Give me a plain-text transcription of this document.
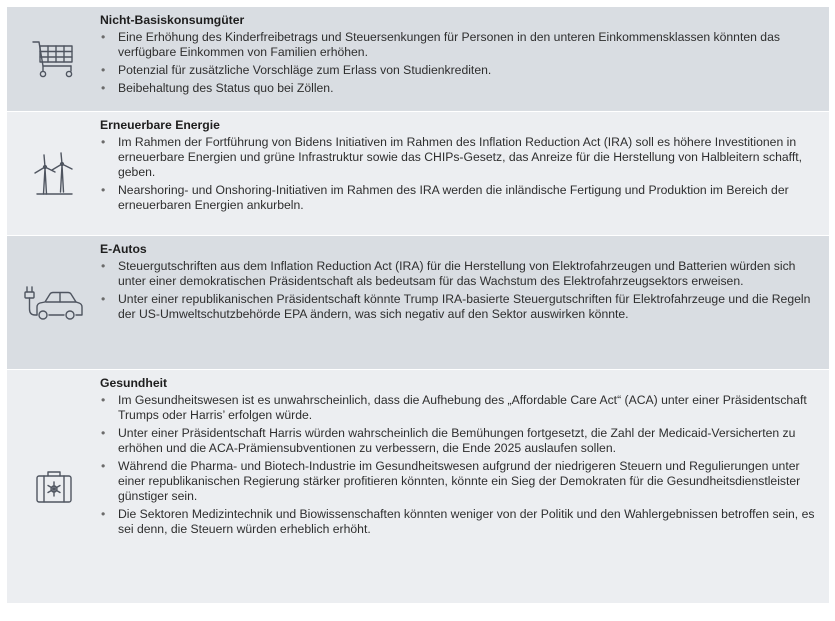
Nicht-Basiskonsumgüter
• Eine Erhöhung des Kinderfreibetrags und Steuersenkungen für Personen in den unteren Einkommensklassen könnten das verfügbare Einkommen von Familien erhöhen.
• Potenzial für zusätzliche Vorschläge zum Erlass von Studienkrediten.
• Beibehaltung des Status quo bei Zöllen.
Erneuerbare Energie
• Im Rahmen der Fortführung von Bidens Initiativen im Rahmen des Inflation Reduction Act (IRA) soll es höhere Investitionen in erneuerbare Energien und grüne Infrastruktur sowie das CHIPs-Gesetz, das Anreize für die Herstellung von Halbleitern schafft, geben.
• Nearshoring- und Onshoring-Initiativen im Rahmen des IRA werden die inländische Fertigung und Produktion im Bereich der erneuerbaren Energien ankurbeln.
E-Autos
• Steuergutschriften aus dem Inflation Reduction Act (IRA) für die Herstellung von Elektrofahrzeugen und Batterien würden sich unter einer demokratischen Präsidentschaft als bedeutsam für das Wachstum des Elektrofahrzeugsektors erweisen.
• Unter einer republikanischen Präsidentschaft könnte Trump IRA-basierte Steuergutschriften für Elektrofahrzeuge und die Regeln der US-Umweltschutzbehörde EPA ändern, was sich negativ auf den Sektor auswirken könnte.
Gesundheit
• Im Gesundheitswesen ist es unwahrscheinlich, dass die Aufhebung des „Affordable Care Act“ (ACA) unter einer Präsidentschaft Trumps oder Harris’ erfolgen würde.
• Unter einer Präsidentschaft Harris würden wahrscheinlich die Bemühungen fortgesetzt, die Zahl der Medicaid-Versicherten zu erhöhen und die ACA-Prämiensubventionen zu verbessern, die Ende 2025 auslaufen sollen.
• Während die Pharma- und Biotech-Industrie im Gesundheitswesen aufgrund der niedrigeren Steuern und Regulierungen unter einer republikanischen Regierung stärker profitieren könnten, könnte ein Sieg der Demokraten für die Gesundheitsdienstleister günstiger sein.
• Die Sektoren Medizintechnik und Biowissenschaften könnten weniger von der Politik und den Wahlergebnissen betroffen sein, es sei denn, die Steuern würden erheblich erhöht.
